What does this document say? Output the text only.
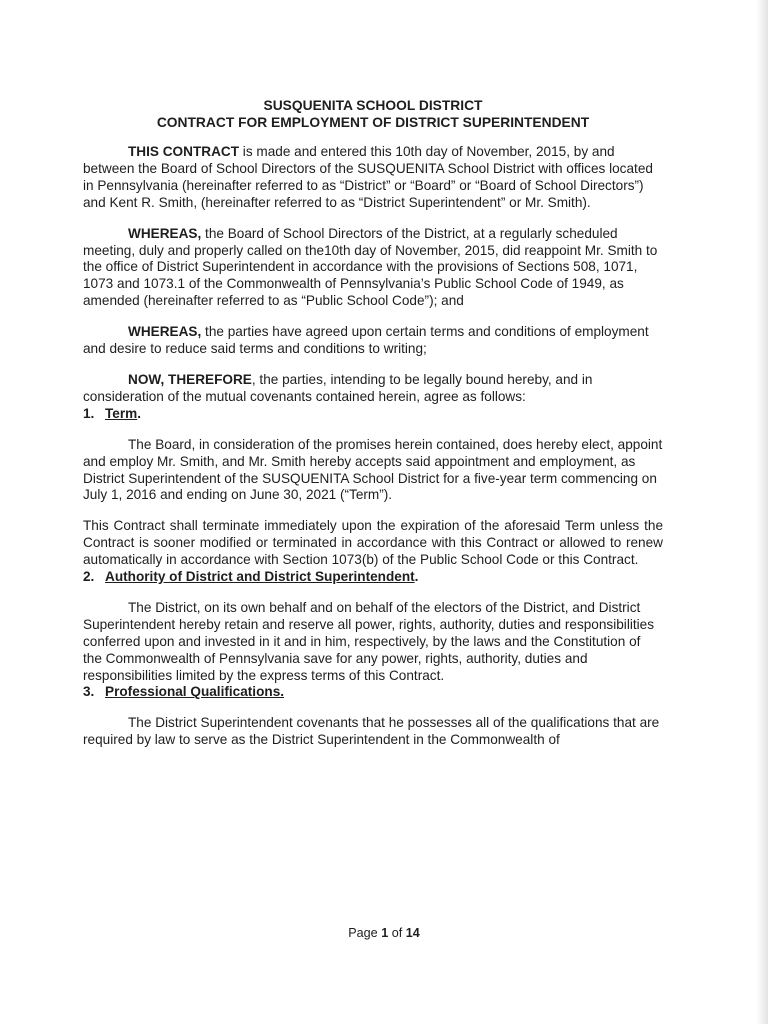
SUSQUENITA SCHOOL DISTRICT
CONTRACT FOR EMPLOYMENT OF DISTRICT SUPERINTENDENT

THIS CONTRACT is made and entered this 10th day of November, 2015, by and between the Board of School Directors of the SUSQUENITA School District with offices located in Pennsylvania (hereinafter referred to as “District” or “Board” or “Board of School Directors”) and Kent R. Smith, (hereinafter referred to as “District Superintendent” or Mr. Smith).

WHEREAS, the Board of School Directors of the District, at a regularly scheduled meeting, duly and properly called on the10th day of November, 2015, did reappoint Mr. Smith to the office of District Superintendent in accordance with the provisions of Sections 508, 1071, 1073 and 1073.1 of the Commonwealth of Pennsylvania’s Public School Code of 1949, as amended (hereinafter referred to as “Public School Code”); and

WHEREAS, the parties have agreed upon certain terms and conditions of employment and desire to reduce said terms and conditions to writing;

NOW, THEREFORE, the parties, intending to be legally bound hereby, and in consideration of the mutual covenants contained herein, agree as follows:

1. Term.

The Board, in consideration of the promises herein contained, does hereby elect, appoint and employ Mr. Smith, and Mr. Smith hereby accepts said appointment and employment, as District Superintendent of the SUSQUENITA School District for a five-year term commencing on July 1, 2016 and ending on June 30, 2021 (“Term”).

This Contract shall terminate immediately upon the expiration of the aforesaid Term unless the Contract is sooner modified or terminated in accordance with this Contract or allowed to renew automatically in accordance with Section 1073(b) of the Public School Code or this Contract.

2. Authority of District and District Superintendent.

The District, on its own behalf and on behalf of the electors of the District, and District Superintendent hereby retain and reserve all power, rights, authority, duties and responsibilities conferred upon and invested in it and in him, respectively, by the laws and the Constitution of the Commonwealth of Pennsylvania save for any power, rights, authority, duties and responsibilities limited by the express terms of this Contract.

3. Professional Qualifications.

The District Superintendent covenants that he possesses all of the qualifications that are required by law to serve as the District Superintendent in the Commonwealth of

Page 1 of 14
